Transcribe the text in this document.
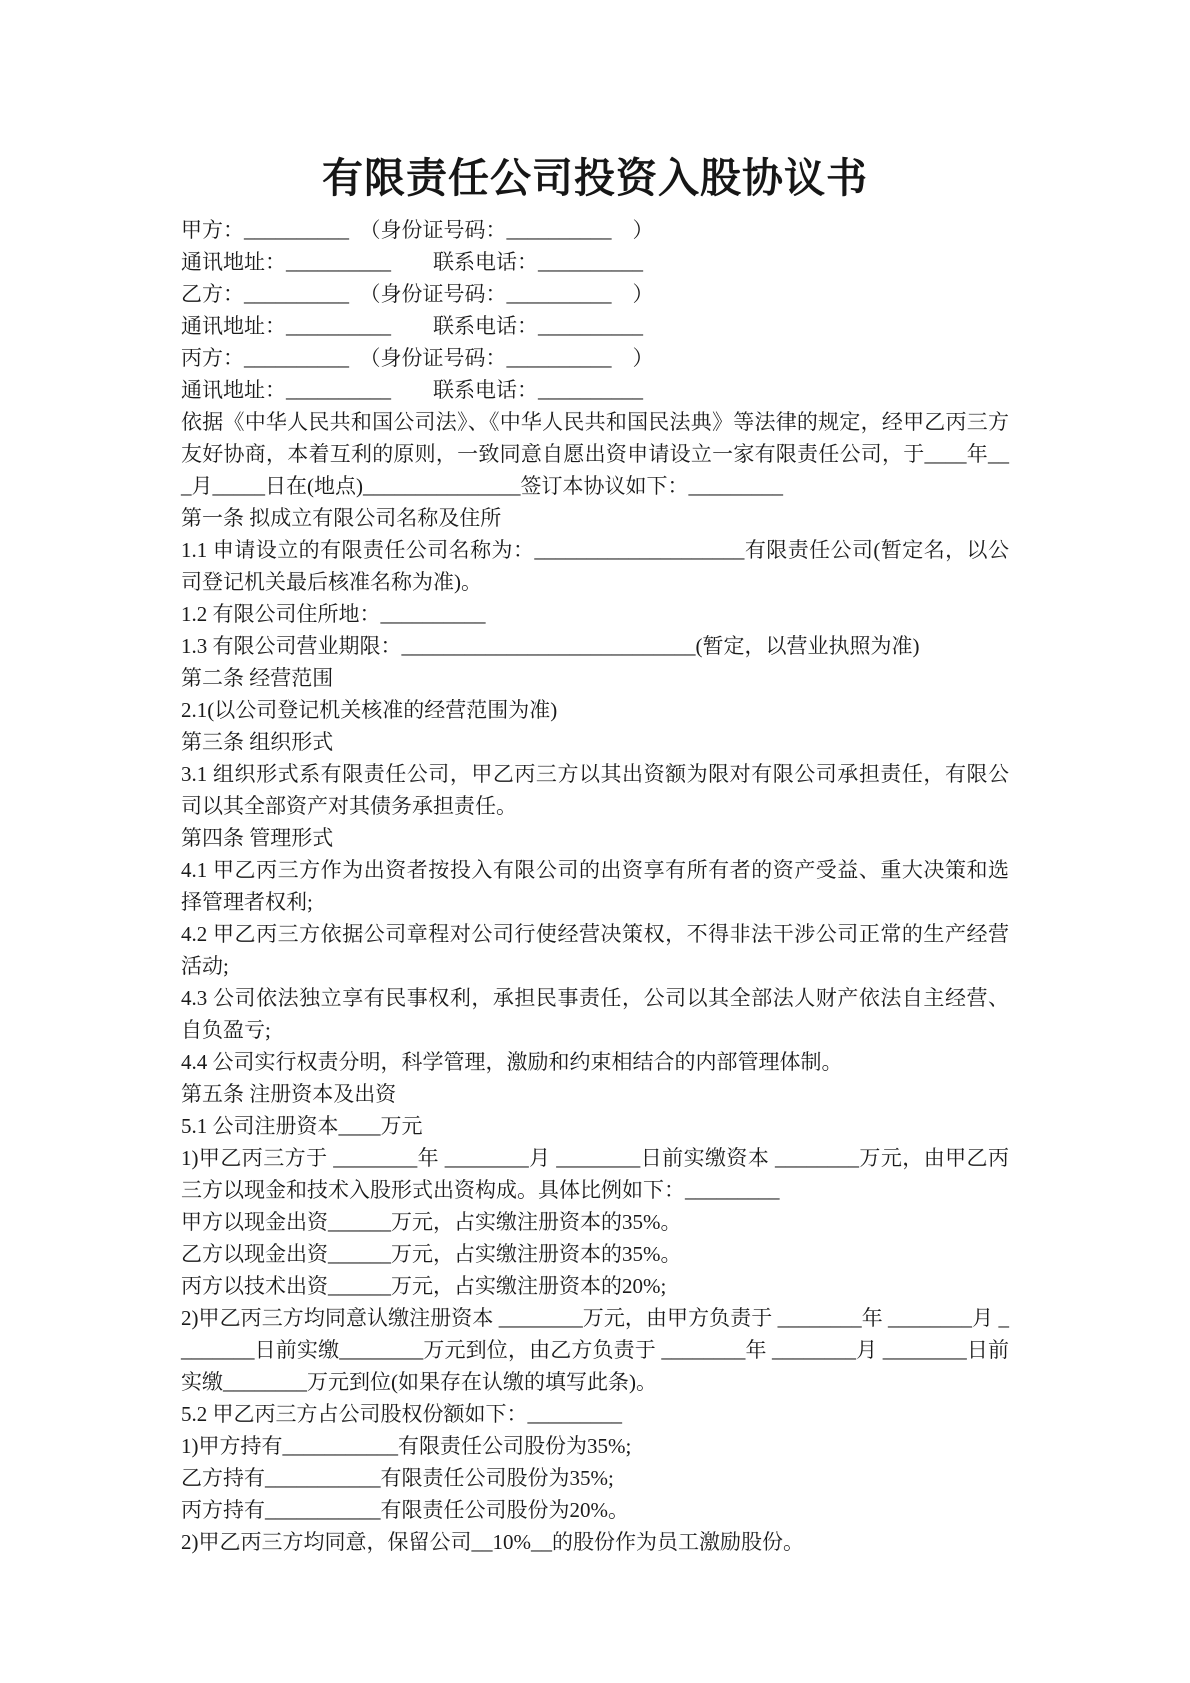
有限责任公司投资入股协议书

甲方：__________　（身份证号码：__________　）

通讯地址：__________　　联系电话：__________

乙方：__________　（身份证号码：__________　）

通讯地址：__________　　联系电话：__________

丙方：__________　（身份证号码：__________　）

通讯地址：__________　　联系电话：__________

依据《中华人民共和国公司法》、《中华人民共和国民法典》等法律的规定，经甲乙丙三方友好协商，本着互利的原则，一致同意自愿出资申请设立一家有限责任公司，于____年___月_____日在(地点)_______________签订本协议如下：_________

第一条 拟成立有限公司名称及住所

1.1 申请设立的有限责任公司名称为：____________________有限责任公司(暂定名，以公司登记机关最后核准名称为准)。

1.2 有限公司住所地：__________

1.3 有限公司营业期限：____________________________(暂定，以营业执照为准)

第二条 经营范围

2.1(以公司登记机关核准的经营范围为准)

第三条 组织形式

3.1 组织形式系有限责任公司，甲乙丙三方以其出资额为限对有限公司承担责任，有限公司以其全部资产对其债务承担责任。

第四条 管理形式

4.1 甲乙丙三方作为出资者按投入有限公司的出资享有所有者的资产受益、重大决策和选择管理者权利;

4.2 甲乙丙三方依据公司章程对公司行使经营决策权，不得非法干涉公司正常的生产经营活动;

4.3 公司依法独立享有民事权利，承担民事责任，公司以其全部法人财产依法自主经营、自负盈亏;

4.4 公司实行权责分明，科学管理，激励和约束相结合的内部管理体制。

第五条 注册资本及出资

5.1 公司注册资本____万元

1)甲乙丙三方于 ________年 ________月 ________日前实缴资本 ________万元，由甲乙丙三方以现金和技术入股形式出资构成。具体比例如下：_________

甲方以现金出资______万元，占实缴注册资本的35%。

乙方以现金出资______万元，占实缴注册资本的35%。

丙方以技术出资______万元，占实缴注册资本的20%;

2)甲乙丙三方均同意认缴注册资本 ________万元，由甲方负责于 ________年 ________月 ________日前实缴________万元到位，由乙方负责于 ________年 ________月 ________日前实缴________万元到位(如果存在认缴的填写此条)。

5.2 甲乙丙三方占公司股权份额如下：_________

1)甲方持有___________有限责任公司股份为35%;

乙方持有___________有限责任公司股份为35%;

丙方持有___________有限责任公司股份为20%。

2)甲乙丙三方均同意，保留公司__10%__的股份作为员工激励股份。
